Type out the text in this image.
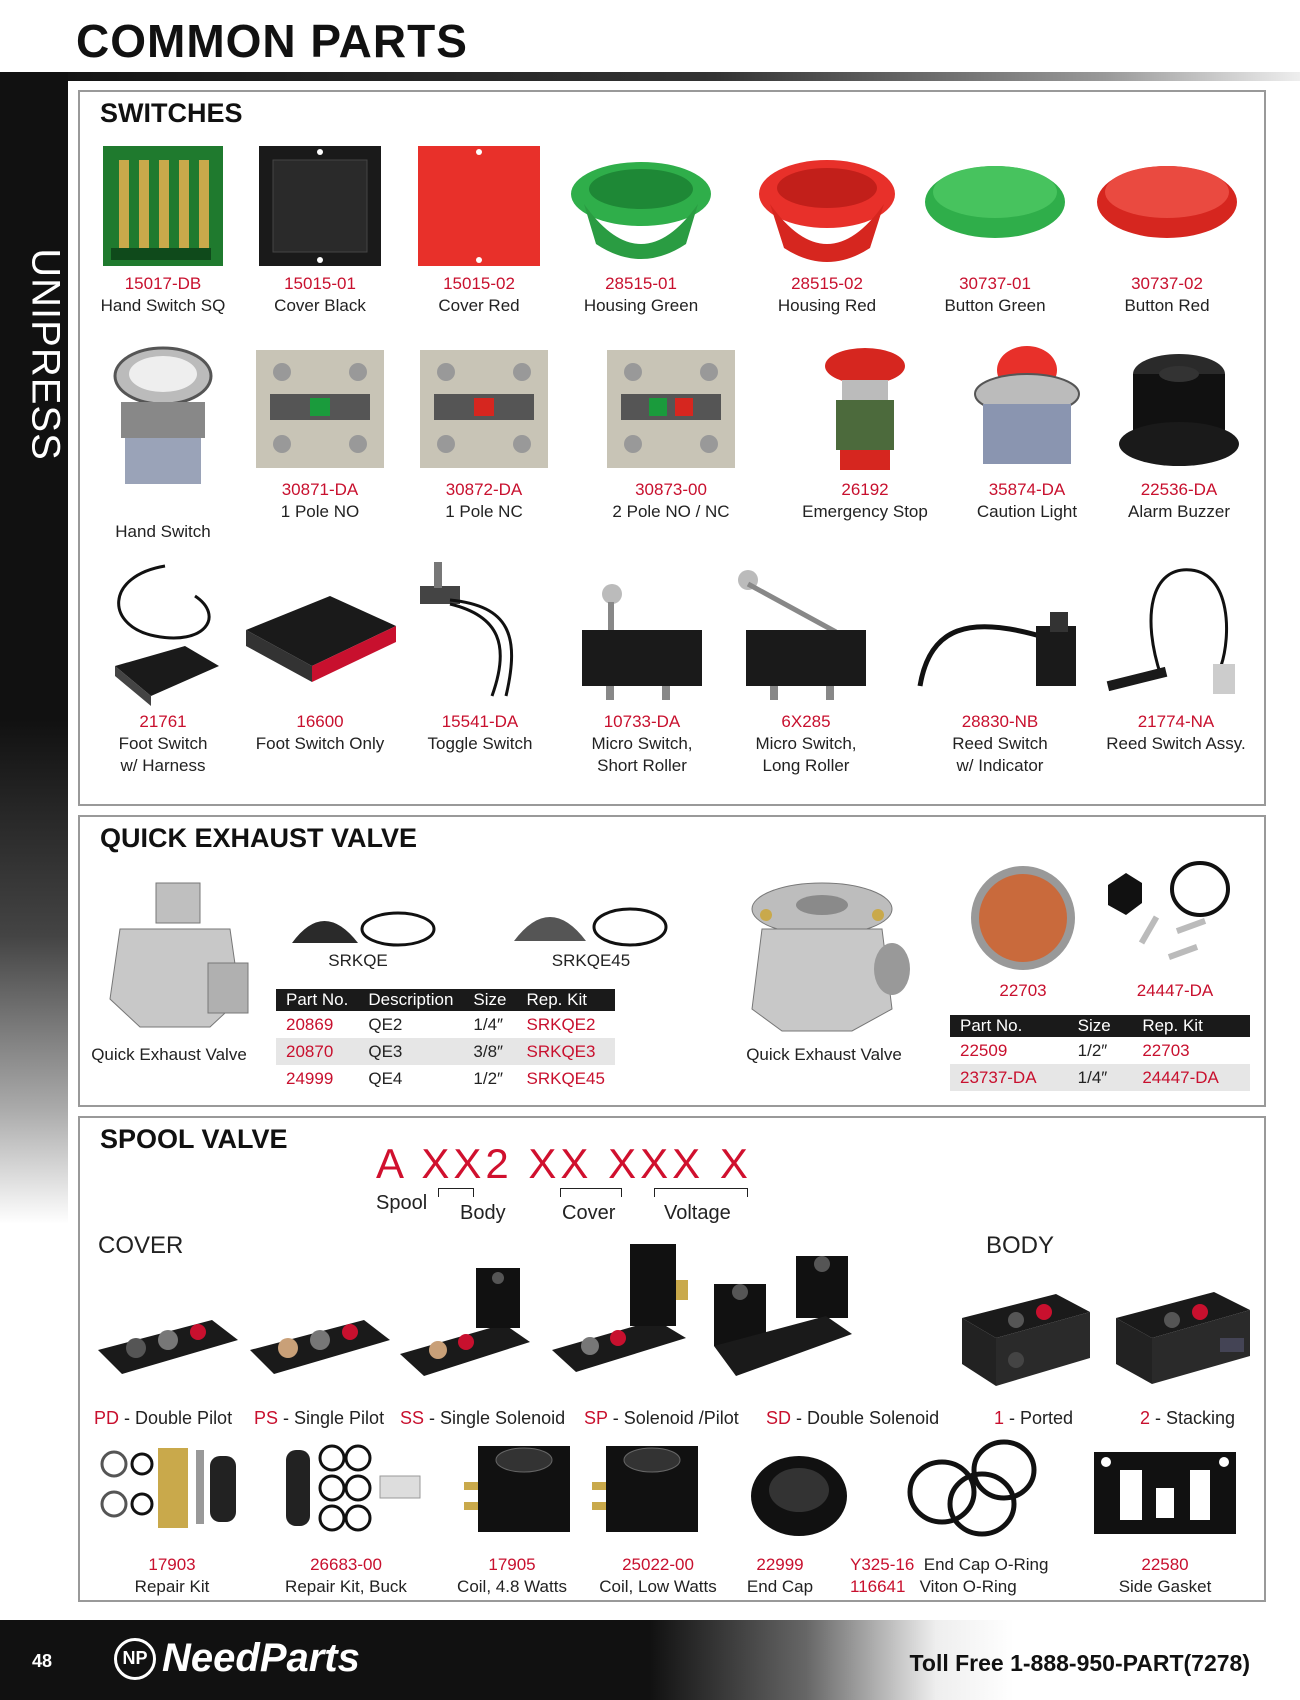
COMMON PARTS
UNIPRESS
SWITCHES
15017-DB
Hand Switch SQ
15015-01
Cover Black
15015-02
Cover Red
28515-01
Housing Green
28515-02
Housing Red
30737-01
Button Green
30737-02
Button Red
Hand Switch
30871-DA
1 Pole NO
30872-DA
1 Pole NC
30873-00
2 Pole NO / NC
26192
Emergency Stop
35874-DA
Caution Light
22536-DA
Alarm Buzzer
21761
Foot Switch
w/ Harness
16600
Foot Switch Only
15541-DA
Toggle Switch
10733-DA
Micro Switch,
Short Roller
6X285
Micro Switch,
Long Roller
28830-NB
Reed Switch
w/ Indicator
21774-NA
Reed Switch Assy.
QUICK EXHAUST VALVE
Quick Exhaust Valve
SRKQE	SRKQE45
Part No.	Description	Size	Rep. Kit
20869	QE2	1/4″	SRKQE2
20870	QE3	3/8″	SRKQE3
24999	QE4	1/2″	SRKQE45
Quick Exhaust Valve
22703	24447-DA
Part No.	Size	Rep. Kit
22509	1/2″	22703
23737-DA	1/4″	24447-DA
SPOOL VALVE
A XX2 XX XXX X
Spool Body	Cover Voltage
COVER	BODY
PD - Double Pilot PS - Single Pilot SS - Single Solenoid SP - Solenoid /Pilot SD - Double Solenoid	1 - Ported	2 - Stacking
17903
Repair Kit
26683-00
Repair Kit, Buck
17905
Coil, 4.8 Watts
25022-00
Coil, Low Watts
22999
End Cap
Y325-16 End Cap O-Ring
116641 Viton O-Ring
22580
Side Gasket
48	NP NeedParts	Toll Free 1-888-950-PART(7278)
